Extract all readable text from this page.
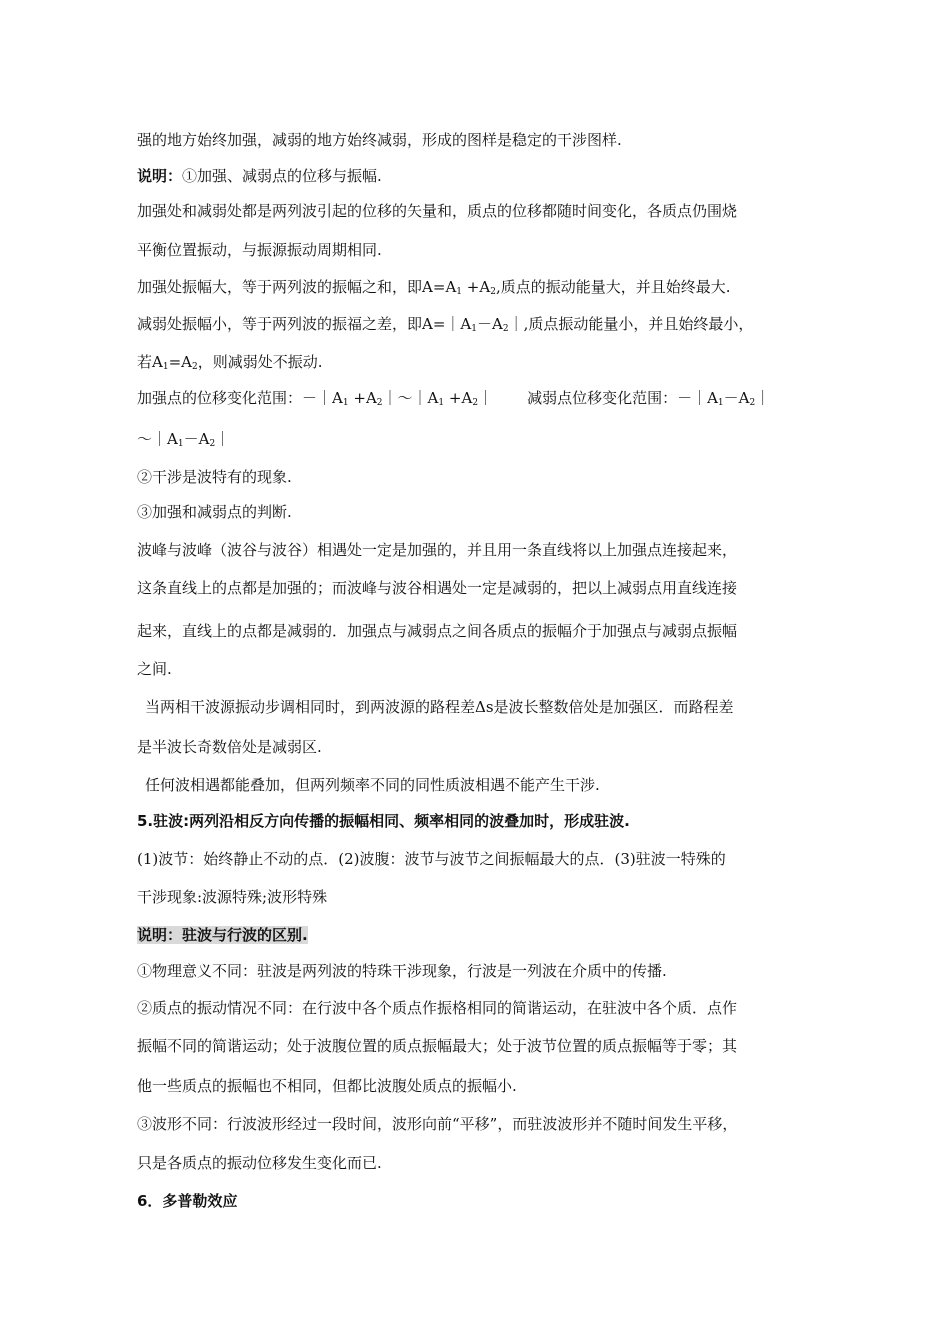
强的地方始终加强，减弱的地方始终减弱，形成的图样是稳定的干涉图样.
说明：①加强、减弱点的位移与振幅.
加强处和减弱处都是两列波引起的位移的矢量和，质点的位移都随时间变化，各质点仍围烧
平衡位置振动，与振源振动周期相同.
加强处振幅大，等于两列波的振幅之和，即$A=A_1 +A_2$,质点的振动能量大，并且始终最大.
减弱处振幅小，等于两列波的振福之差，即$A=|A_1-A_2|$,质点振动能量小，并且始终最小，
若$A_1=A_2$，则减弱处不振动.
加强点的位移变化范围：$-|A_1$ $+A_2|\sim|A_1$ $+A_2|$ 减弱点位移变化范围：$-|A_1-A_2|$
$\sim|A_1-A_2|$
②干涉是波特有的现象.
③加强和减弱点的判断.
波峰与波峰（波谷与波谷）相遇处一定是加强的，并且用一条直线将以上加强点连接起来，
这条直线上的点都是加强的；而波峰与波谷相遇处一定是减弱的，把以上减弱点用直线连接
起来，直线上的点都是减弱的．加强点与减弱点之间各质点的振幅介于加强点与减弱点振幅
之间.
当两相干波源振动步调相同时，到两波源的路程差Δs是波长整数倍处是加强区．而路程差
是半波长奇数倍处是减弱区.
任何波相遇都能叠加，但两列频率不同的同性质波相遇不能产生干涉.
5.驻波:两列沿相反方向传播的振幅相同、频率相同的波叠加时，形成驻波.
(1)波节：始终静止不动的点．(2)波腹：波节与波节之间振幅最大的点．(3)驻波一特殊的
干涉现象:波源特殊;波形特殊
说明：驻波与行波的区别.
①物理意义不同：驻波是两列波的特珠干涉现象，行波是一列波在介质中的传播.
②质点的振动情况不同：在行波中各个质点作振格相同的简谐运动，在驻波中各个质．点作
振幅不同的简谐运动；处于波腹位置的质点振幅最大；处于波节位置的质点振幅等于零；其
他一些质点的振幅也不相同，但都比波腹处质点的振幅小.
③波形不同：行波波形经过一段时间，波形向前“平移”，而驻波波形并不随时间发生平移，
只是各质点的振动位移发生变化而已.
6．多普勒效应
